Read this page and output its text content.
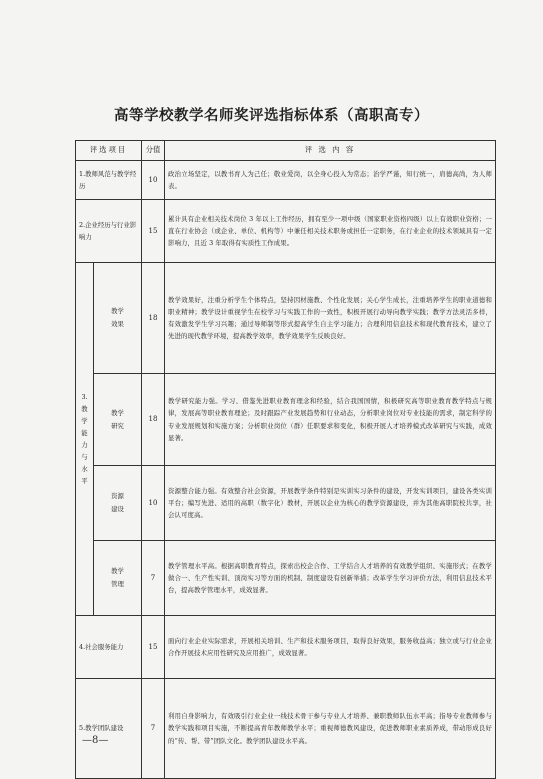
高等学校教学名师奖评选指标体系（高职高专）
评选项目		分值	评 选 内 容
1.教师风范与教学经历		10	政治立场坚定，以教书育人为己任；敬业爱岗，以全身心投入为常态；治学严谨，知行统一，肩德高尚，为人师表。
2.企业经历与行业影响力		15	累计具有企业相关技术岗位 3 年以上工作经历，拥有至少一项中级（国家职业资格四级）以上有效职业资格；一直在行业协会（或企业、单位、机构等）中兼任相关技术职务或担任一定职务，在行业企业的技术领域具有一定影响力，且近 3 年取得有实质性工作成果。
3.教学能力与水平	教学效果	18	教学效果好，注重分析学生个体特点，坚持因材施教、个性化发展；关心学生成长，注重培养学生的职业道德和职业精神；教学设计重视学生在校学习与实践工作的一致性，积极开展行动导向教学实践；教学方法灵活多样，有效激发学生学习兴趣；通过导师制等形式提高学生自主学习能力；合理利用信息技术和现代教育技术，建立了先进的现代教学环境，提高教学效率，教学效果学生反映良好。
	教学研究	18	教学研究能力强。学习、借鉴先进职业教育理念和经验，结合我国国情，积极研究高等职业教育教学特点与规律，发展高等职业教育理论；及时跟踪产业发展趋势和行业动态，分析职业岗位对专业技能的需求，制定科学的专业发展规划和实施方案；分析职业岗位（群）任职要求和变化，积极开展人才培养模式改革研究与实践，成效显著。
	资源建设	10	资源整合能力强。有效整合社会资源，开展教学条件特别是实训实习条件的建设，开发实训项目，建设各类实训平台；编写先进、适用的高职（数字化）教材，开展以企业为核心的教学资源建设，并为其他高职院校共享，社会认可度高。
	教学管理	7	教学管理水平高。根据高职教育特点，探索出校企合作、工学结合人才培养的有效教学组织、实施形式；在教学做合一、生产性实训、顶岗实习等方面的机制、制度建设有创新举措；改革学生学习评价方法，利用信息技术平台，提高教学管理水平，成效显著。
4.社会服务能力		15	面向行业企业实际需求，开展相关培训、生产和技术服务项目，取得良好效果，服务收益高；独立或与行业企业合作开展技术应用性研究及应用推广，成效显著。
5.教学团队建设		7	利用自身影响力，有效吸引行业企业一线技术骨干参与专业人才培养、兼职教师队伍水平高；指导专业教师参与教学实践和项目实施，不断提高青年教师教学水平；重视师德教风建设，促进教师职业素质养成，带动形成良好的“传、帮、带”团队文化。教学团队建设水平高。
—8—
